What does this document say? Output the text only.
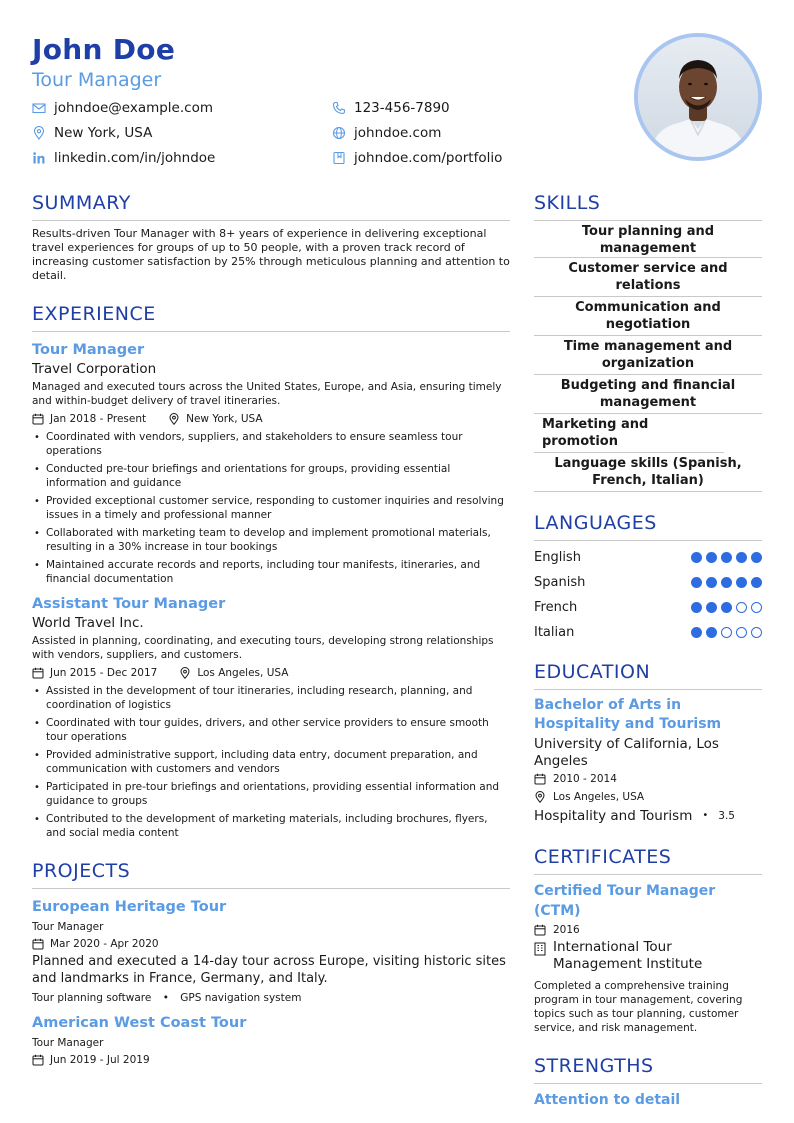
John Doe
Tour Manager
johndoe@example.com	123-456-7890
New York, USA	johndoe.com
linkedin.com/in/johndoe	johndoe.com/portfolio
SUMMARY
Results-driven Tour Manager with 8+ years of experience in delivering exceptional travel experiences for groups of up to 50 people, with a proven track record of increasing customer satisfaction by 25% through meticulous planning and attention to detail.
EXPERIENCE
Tour Manager
Travel Corporation
Managed and executed tours across the United States, Europe, and Asia, ensuring timely and within-budget delivery of travel itineraries.
Jan 2018 - Present	New York, USA
• Coordinated with vendors, suppliers, and stakeholders to ensure seamless tour operations
• Conducted pre-tour briefings and orientations for groups, providing essential information and guidance
• Provided exceptional customer service, responding to customer inquiries and resolving issues in a timely and professional manner
• Collaborated with marketing team to develop and implement promotional materials, resulting in a 30% increase in tour bookings
• Maintained accurate records and reports, including tour manifests, itineraries, and financial documentation
Assistant Tour Manager
World Travel Inc.
Assisted in planning, coordinating, and executing tours, developing strong relationships with vendors, suppliers, and customers.
Jun 2015 - Dec 2017	Los Angeles, USA
• Assisted in the development of tour itineraries, including research, planning, and coordination of logistics
• Coordinated with tour guides, drivers, and other service providers to ensure smooth tour operations
• Provided administrative support, including data entry, document preparation, and communication with customers and vendors
• Participated in pre-tour briefings and orientations, providing essential information and guidance to groups
• Contributed to the development of marketing materials, including brochures, flyers, and social media content
PROJECTS
European Heritage Tour
Tour Manager
Mar 2020 - Apr 2020
Planned and executed a 14-day tour across Europe, visiting historic sites and landmarks in France, Germany, and Italy.
Tour planning software • GPS navigation system
American West Coast Tour
Tour Manager
Jun 2019 - Jul 2019
SKILLS
Tour planning and management
Customer service and relations
Communication and negotiation
Time management and organization
Budgeting and financial management
Marketing and promotion
Language skills (Spanish, French, Italian)
LANGUAGES
English
Spanish
French
Italian
EDUCATION
Bachelor of Arts in Hospitality and Tourism
University of California, Los Angeles
2010 - 2014
Los Angeles, USA
Hospitality and Tourism • 3.5
CERTIFICATES
Certified Tour Manager (CTM)
2016
International Tour Management Institute
Completed a comprehensive training program in tour management, covering topics such as tour planning, customer service, and risk management.
STRENGTHS
Attention to detail
